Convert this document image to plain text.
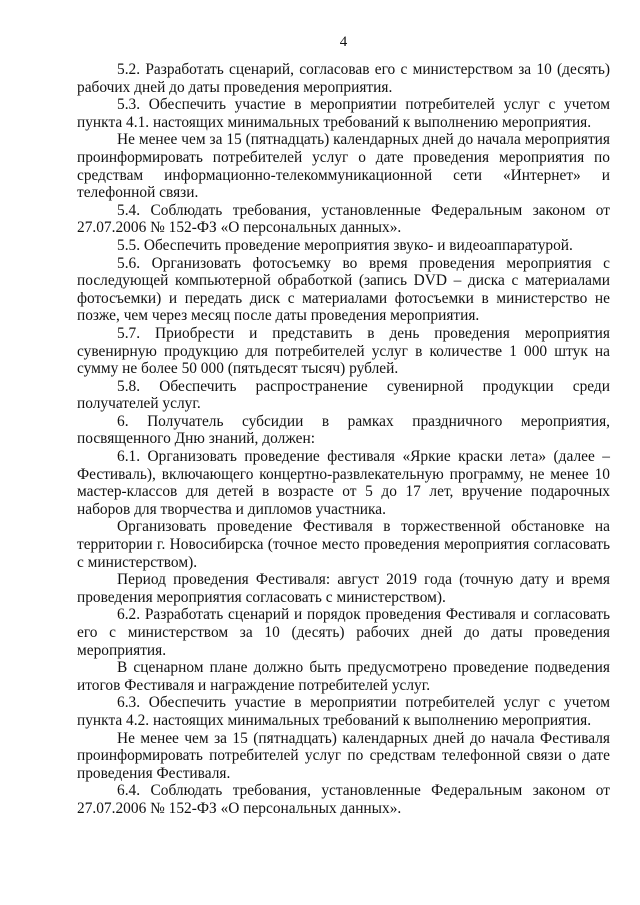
4

5.2. Разработать сценарий, согласовав его с министерством за 10 (десять) рабочих дней до даты проведения мероприятия.

5.3. Обеспечить участие в мероприятии потребителей услуг с учетом пункта 4.1. настоящих минимальных требований к выполнению мероприятия.

Не менее чем за 15 (пятнадцать) календарных дней до начала мероприятия проинформировать потребителей услуг о дате проведения мероприятия по средствам информационно-телекоммуникационной сети «Интернет» и телефонной связи.

5.4. Соблюдать требования, установленные Федеральным законом от 27.07.2006 № 152-ФЗ «О персональных данных».

5.5. Обеспечить проведение мероприятия звуко- и видеоаппаратурой.

5.6. Организовать фотосъемку во время проведения мероприятия с последующей компьютерной обработкой (запись DVD – диска с материалами фотосъемки) и передать диск с материалами фотосъемки в министерство не позже, чем через месяц после даты проведения мероприятия.

5.7. Приобрести и представить в день проведения мероприятия сувенирную продукцию для потребителей услуг в количестве 1 000 штук на сумму не более 50 000 (пятьдесят тысяч) рублей.

5.8. Обеспечить распространение сувенирной продукции среди получателей услуг.

6. Получатель субсидии в рамках праздничного мероприятия, посвященного Дню знаний, должен:

6.1. Организовать проведение фестиваля «Яркие краски лета» (далее – Фестиваль), включающего концертно-развлекательную программу, не менее 10 мастер-классов для детей в возрасте от 5 до 17 лет, вручение подарочных наборов для творчества и дипломов участника.

Организовать проведение Фестиваля в торжественной обстановке на территории г. Новосибирска (точное место проведения мероприятия согласовать с министерством).

Период проведения Фестиваля: август 2019 года (точную дату и время проведения мероприятия согласовать с министерством).

6.2. Разработать сценарий и порядок проведения Фестиваля и согласовать его с министерством за 10 (десять) рабочих дней до даты проведения мероприятия.

В сценарном плане должно быть предусмотрено проведение подведения итогов Фестиваля и награждение потребителей услуг.

6.3. Обеспечить участие в мероприятии потребителей услуг с учетом пункта 4.2. настоящих минимальных требований к выполнению мероприятия.

Не менее чем за 15 (пятнадцать) календарных дней до начала Фестиваля проинформировать потребителей услуг по средствам телефонной связи о дате проведения Фестиваля.

6.4. Соблюдать требования, установленные Федеральным законом от 27.07.2006 № 152-ФЗ «О персональных данных».
